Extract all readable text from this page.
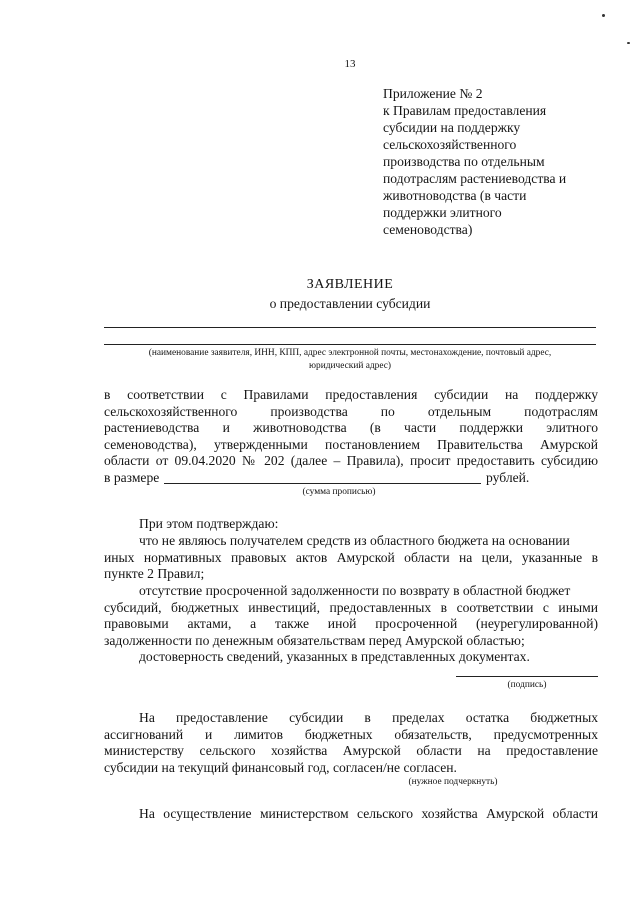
13
Приложение № 2
к Правилам предоставления
субсидии на поддержку
сельскохозяйственного
производства по отдельным
подотраслям растениеводства и
животноводства (в части
поддержки элитного
семеноводства)
ЗАЯВЛЕНИЕ
о предоставлении субсидии
(наименование заявителя, ИНН, КПП, адрес электронной почты, местонахождение, почтовый адрес,
юридический адрес)
в соответствии с Правилами предоставления субсидии на поддержку
сельскохозяйственного производства по отдельным подотраслям
растениеводства и животноводства (в части поддержки элитного
семеноводства), утвержденными постановлением Правительства Амурской
области от 09.04.2020 № 202 (далее – Правила), просит предоставить субсидию
в размере	рублей.
(сумма прописью)
При этом подтверждаю:
что не являюсь получателем средств из областного бюджета на основании
иных нормативных правовых актов Амурской области на цели, указанные в
пункте 2 Правил;
отсутствие просроченной задолженности по возврату в областной бюджет
субсидий, бюджетных инвестиций, предоставленных в соответствии с иными
правовыми актами, а также иной просроченной (неурегулированной)
задолженности по денежным обязательствам перед Амурской областью;
достоверность сведений, указанных в представленных документах.
(подпись)
На предоставление субсидии в пределах остатка бюджетных
ассигнований и лимитов бюджетных обязательств, предусмотренных
министерству сельского хозяйства Амурской области на предоставление
субсидии на текущий финансовый год, согласен/не согласен.
(нужное подчеркнуть)
На осуществление министерством сельского хозяйства Амурской области
